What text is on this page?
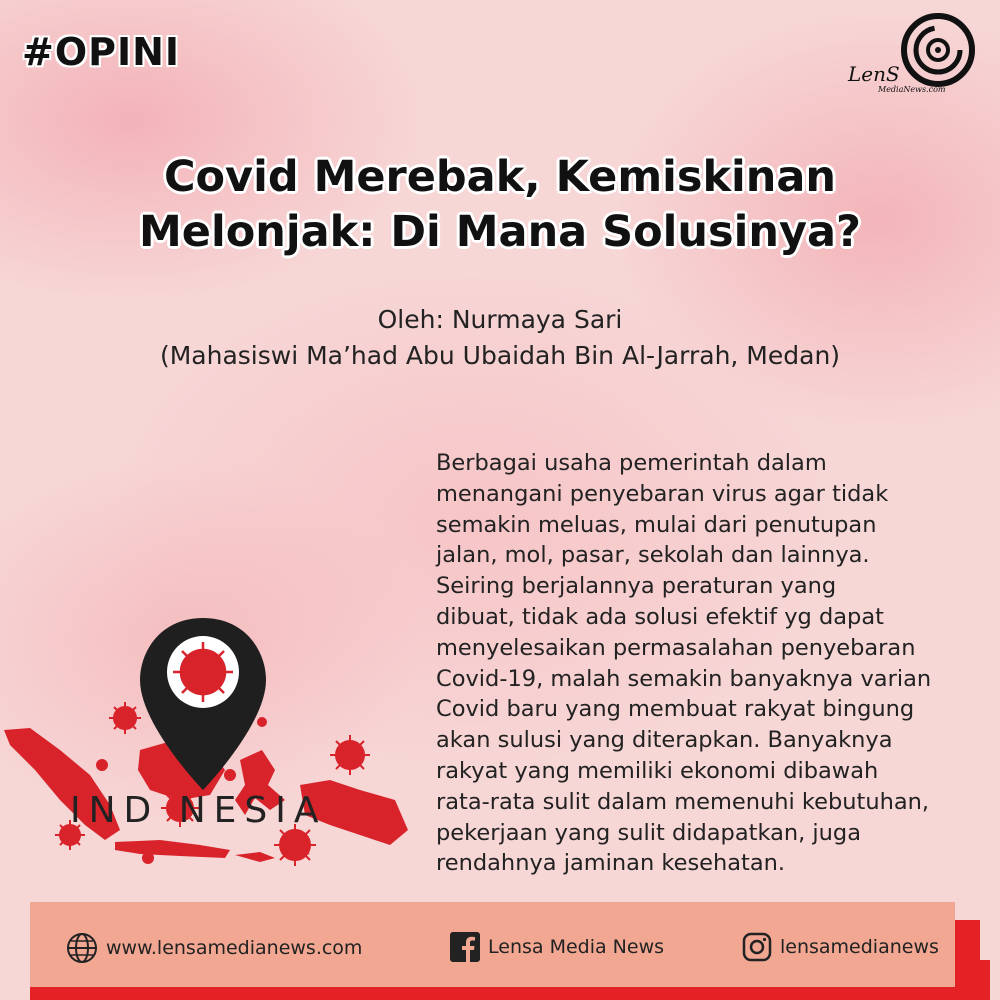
#OPINI	LenS
MediaNews.com
Covid Merebak, Kemiskinan
Melonjak: Di Mana Solusinya?
Oleh: Nurmaya Sari
(Mahasiswi Ma’had Abu Ubaidah Bin Al-Jarrah, Medan)
Berbagai usaha pemerintah dalam
menangani penyebaran virus agar tidak
semakin meluas, mulai dari penutupan
jalan, mol, pasar, sekolah dan lainnya.
Seiring berjalannya peraturan yang
dibuat, tidak ada solusi efektif yg dapat
menyelesaikan permasalahan penyebaran
Covid-19, malah semakin banyaknya varian
Covid baru yang membuat rakyat bingung
akan sulusi yang diterapkan. Banyaknya
rakyat yang memiliki ekonomi dibawah
rata-rata sulit dalam memenuhi kebutuhan,
pekerjaan yang sulit didapatkan, juga
rendahnya jaminan kesehatan.
IND NESIA
www.lensamedianews.com	Lensa Media News	lensamedianews
